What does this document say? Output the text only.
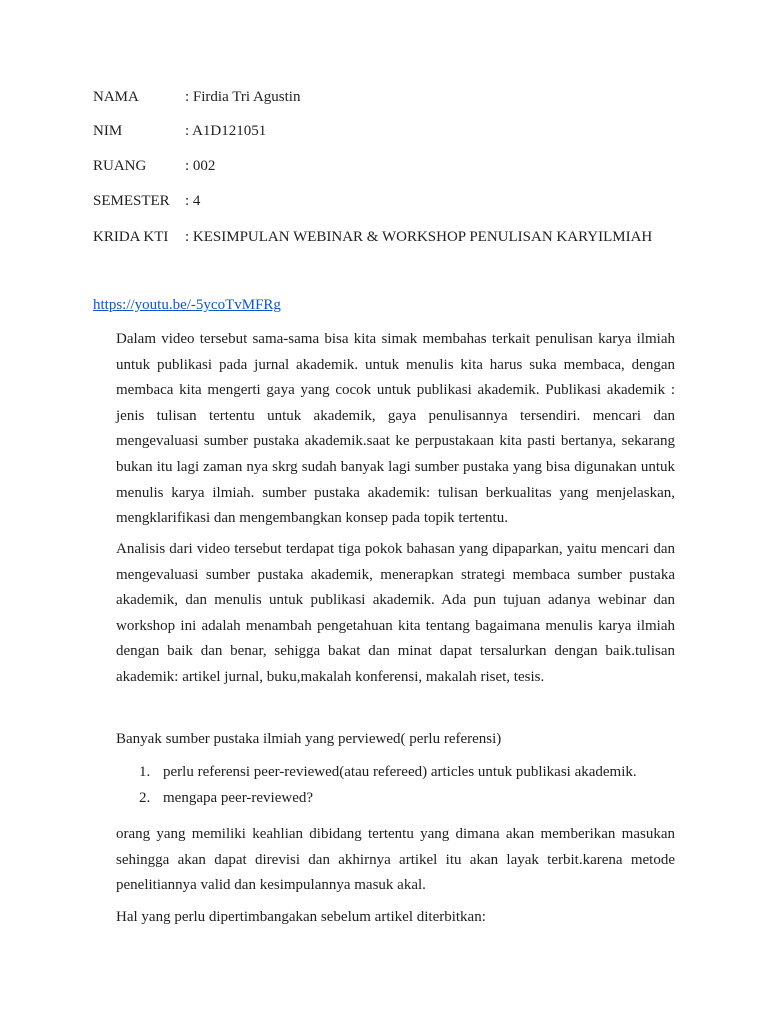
NAMA	: Firdia Tri Agustin
NIM	: A1D121051
RUANG	: 002
SEMESTER : 4
KRIDA KTI : KESIMPULAN WEBINAR & WORKSHOP PENULISAN KARYILMIAH
https://youtu.be/-5ycoTvMFRg

Dalam video tersebut sama-sama bisa kita simak membahas terkait penulisan karya ilmiah untuk publikasi pada jurnal akademik. untuk menulis kita harus suka membaca, dengan membaca kita mengerti gaya yang cocok untuk publikasi akademik. Publikasi akademik : jenis tulisan tertentu untuk akademik, gaya penulisannya tersendiri. mencari dan mengevaluasi sumber pustaka akademik.saat ke perpustakaan kita pasti bertanya, sekarang bukan itu lagi zaman nya skrg sudah banyak lagi sumber pustaka yang bisa digunakan untuk menulis karya ilmiah. sumber pustaka akademik: tulisan berkualitas yang menjelaskan, mengklarifikasi dan mengembangkan konsep pada topik tertentu.

Analisis dari video tersebut terdapat tiga pokok bahasan yang dipaparkan, yaitu mencari dan mengevaluasi sumber pustaka akademik, menerapkan strategi membaca sumber pustaka akademik, dan menulis untuk publikasi akademik. Ada pun tujuan adanya webinar dan workshop ini adalah menambah pengetahuan kita tentang bagaimana menulis karya ilmiah dengan baik dan benar, sehigga bakat dan minat dapat tersalurkan dengan baik.tulisan akademik: artikel jurnal, buku,makalah konferensi, makalah riset, tesis.

Banyak sumber pustaka ilmiah yang perviewed( perlu referensi)
1. perlu referensi peer-reviewed(atau refereed) articles untuk publikasi akademik.
2. mengapa peer-reviewed?

orang yang memiliki keahlian dibidang tertentu yang dimana akan memberikan masukan sehingga akan dapat direvisi dan akhirnya artikel itu akan layak terbit.karena metode penelitiannya valid dan kesimpulannya masuk akal.

Hal yang perlu dipertimbangakan sebelum artikel diterbitkan:
